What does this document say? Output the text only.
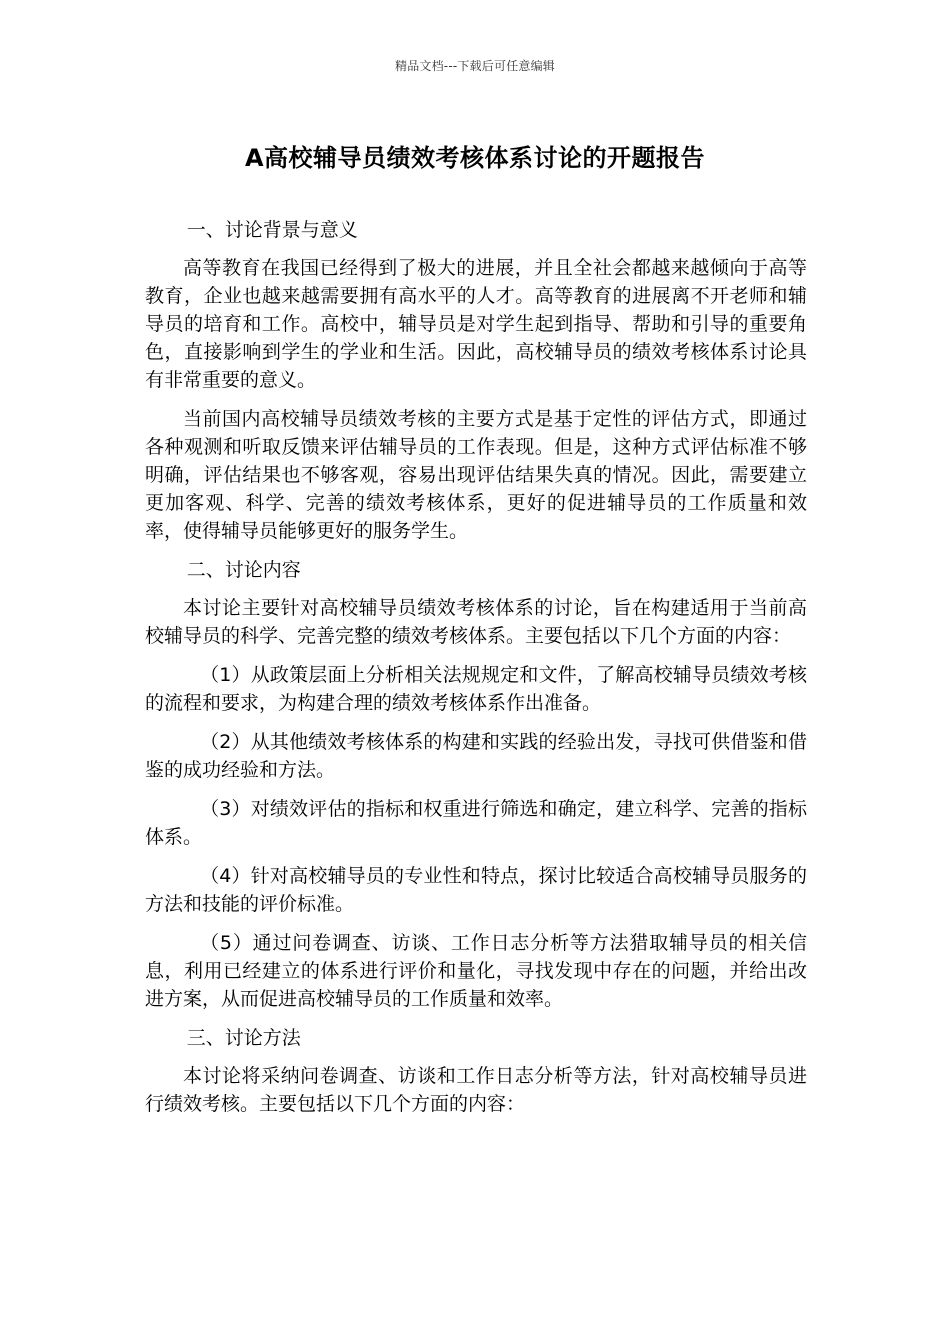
精品文档---下载后可任意编辑
A高校辅导员绩效考核体系讨论的开题报告

一、讨论背景与意义

高等教育在我国已经得到了极大的进展，并且全社会都越来越倾向于高等教育，企业也越来越需要拥有高水平的人才。高等教育的进展离不开老师和辅导员的培育和工作。高校中，辅导员是对学生起到指导、帮助和引导的重要角色，直接影响到学生的学业和生活。因此，高校辅导员的绩效考核体系讨论具有非常重要的意义。

当前国内高校辅导员绩效考核的主要方式是基于定性的评估方式，即通过各种观测和听取反馈来评估辅导员的工作表现。但是，这种方式评估标准不够明确，评估结果也不够客观，容易出现评估结果失真的情况。因此，需要建立更加客观、科学、完善的绩效考核体系，更好的促进辅导员的工作质量和效率，使得辅导员能够更好的服务学生。

二、讨论内容

本讨论主要针对高校辅导员绩效考核体系的讨论，旨在构建适用于当前高校辅导员的科学、完善完整的绩效考核体系。主要包括以下几个方面的内容：

（1）从政策层面上分析相关法规规定和文件，了解高校辅导员绩效考核的流程和要求，为构建合理的绩效考核体系作出准备。

（2）从其他绩效考核体系的构建和实践的经验出发，寻找可供借鉴和借鉴的成功经验和方法。

（3）对绩效评估的指标和权重进行筛选和确定，建立科学、完善的指标体系。

（4）针对高校辅导员的专业性和特点，探讨比较适合高校辅导员服务的方法和技能的评价标准。

（5）通过问卷调查、访谈、工作日志分析等方法猎取辅导员的相关信息，利用已经建立的体系进行评价和量化，寻找发现中存在的问题，并给出改进方案，从而促进高校辅导员的工作质量和效率。

三、讨论方法

本讨论将采纳问卷调查、访谈和工作日志分析等方法，针对高校辅导员进行绩效考核。主要包括以下几个方面的内容：
